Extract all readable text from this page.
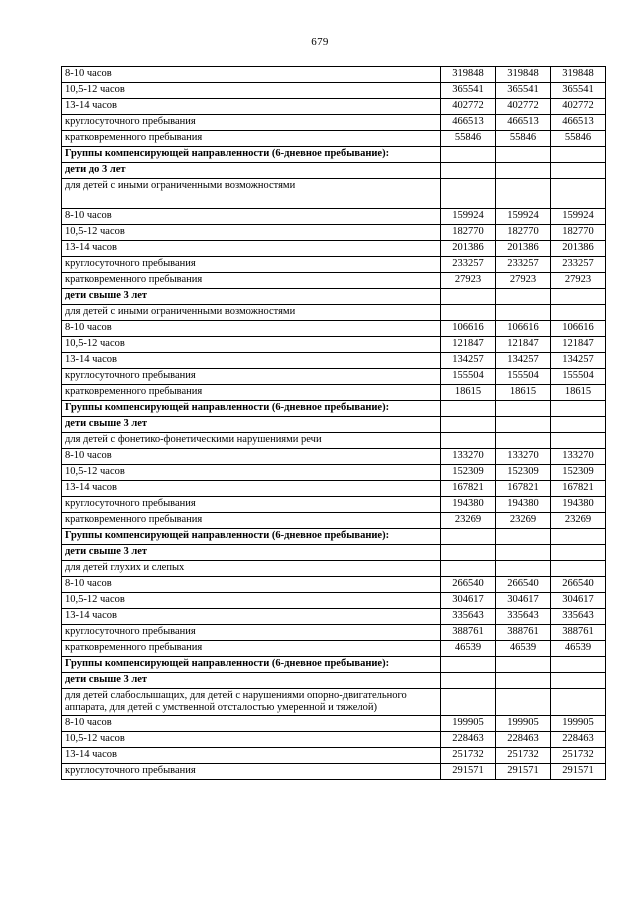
679
8-10 часов	319848	319848	319848
10,5-12 часов	365541	365541	365541
13-14 часов	402772	402772	402772
круглосуточного пребывания	466513	466513	466513
кратковременного пребывания	55846	55846	55846
Группы компенсирующей направленности (6-дневное пребывание):			
дети до 3 лет			
для детей с иными ограниченными возможностями			
8-10 часов	159924	159924	159924
10,5-12 часов	182770	182770	182770
13-14 часов	201386	201386	201386
круглосуточного пребывания	233257	233257	233257
кратковременного пребывания	27923	27923	27923
дети свыше 3 лет			
для детей с иными ограниченными возможностями			
8-10 часов	106616	106616	106616
10,5-12 часов	121847	121847	121847
13-14 часов	134257	134257	134257
круглосуточного пребывания	155504	155504	155504
кратковременного пребывания	18615	18615	18615
Группы компенсирующей направленности (6-дневное пребывание):			
дети свыше 3 лет			
для детей с фонетико-фонетическими нарушениями речи			
8-10 часов	133270	133270	133270
10,5-12 часов	152309	152309	152309
13-14 часов	167821	167821	167821
круглосуточного пребывания	194380	194380	194380
кратковременного пребывания	23269	23269	23269
Группы компенсирующей направленности (6-дневное пребывание):			
дети свыше 3 лет			
для детей глухих и слепых			
8-10 часов	266540	266540	266540
10,5-12 часов	304617	304617	304617
13-14 часов	335643	335643	335643
круглосуточного пребывания	388761	388761	388761
кратковременного пребывания	46539	46539	46539
Группы компенсирующей направленности (6-дневное пребывание):			
дети свыше 3 лет			
для детей слабослышащих, для детей с нарушениями опорно-двигательного аппарата, для детей с умственной отсталостью умеренной и тяжелой)			
8-10 часов	199905	199905	199905
10,5-12 часов	228463	228463	228463
13-14 часов	251732	251732	251732
круглосуточного пребывания	291571	291571	291571
